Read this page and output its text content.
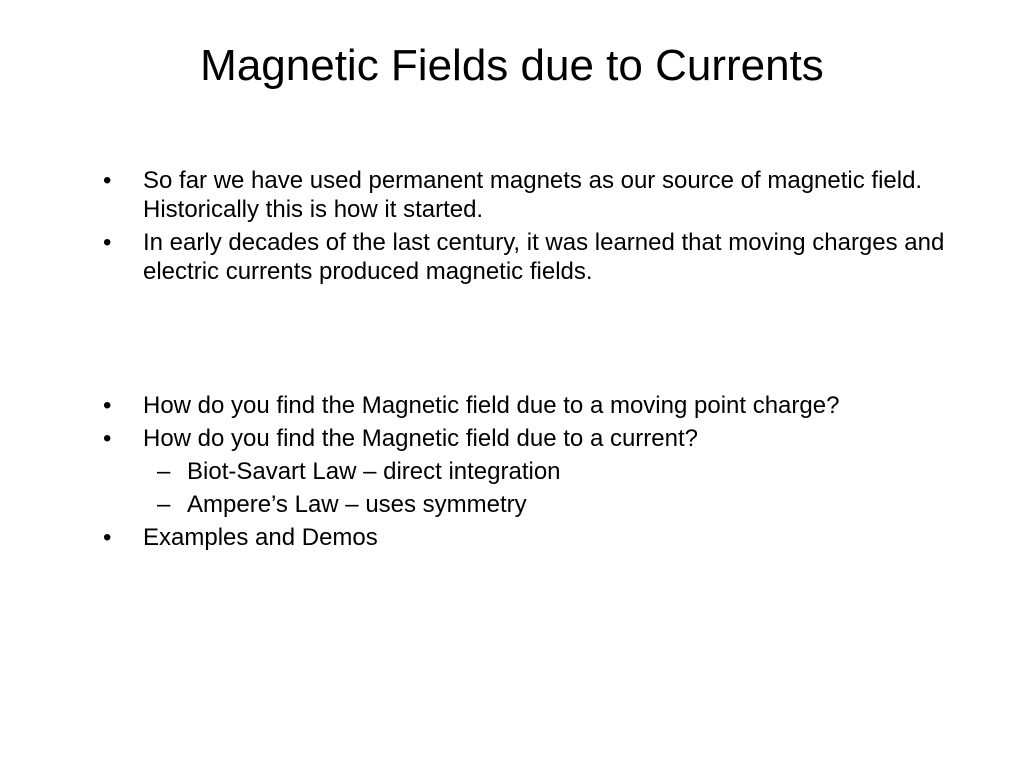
Magnetic Fields due to Currents
•	So far we have used permanent magnets as our source of magnetic field. Historically this is how it started.
•	In early decades of the last century, it was learned that moving charges and electric currents produced magnetic fields.
•	How do you find the Magnetic field due to a moving point charge?
•	How do you find the Magnetic field due to a current?
– Biot-Savart Law – direct integration
– Ampere’s Law – uses symmetry
•	Examples and Demos
